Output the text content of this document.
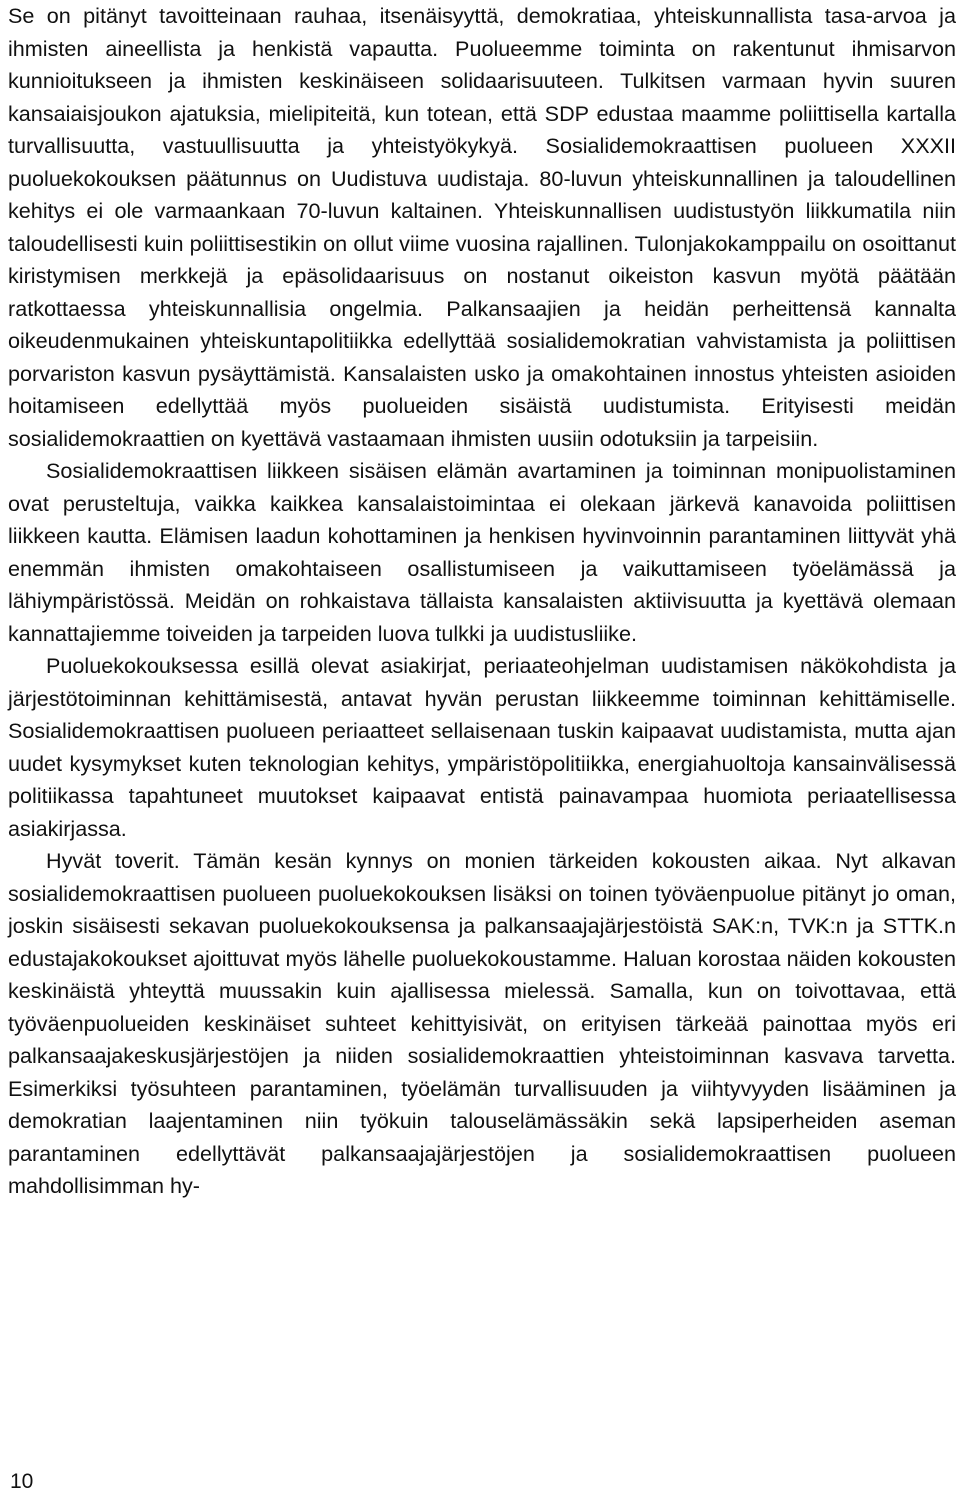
Se on pitänyt tavoitteinaan rauhaa, itsenäisyyttä, demokratiaa, yhteiskunnallista tasa-arvoa ja ihmisten aineellista ja henkistä vapautta. Puolueemme toiminta on rakentunut ihmisarvon kunnioitukseen ja ihmisten keskinäiseen solidaarisuuteen. Tulkitsen varmaan hyvin suuren kansaiaisjoukon ajatuksia, mielipiteitä, kun totean, että SDP edustaa maamme poliittisella kartalla turvallisuutta, vastuullisuutta ja yhteistyökykyä. Sosialidemokraattisen puolueen XXXII puoluekokouksen päätunnus on Uudistuva uudistaja. 80-luvun yhteiskunnallinen ja taloudellinen kehitys ei ole varmaankaan 70-luvun kaltainen. Yhteiskunnallisen uudistustyön liikkumatila niin taloudellisesti kuin poliittisestikin on ollut viime vuosina rajallinen. Tulonjakokamppailu on osoittanut kiristymisen merkkejä ja epäsolidaarisuus on nostanut oikeiston kasvun myötä päätään ratkottaessa yhteiskunnallisia ongelmia. Palkansaajien ja heidän perheittensä kannalta oikeudenmukainen yhteiskuntapolitiikka edellyttää sosialidemokratian vahvistamista ja poliittisen porvariston kasvun pysäyttämistä. Kansalaisten usko ja omakohtainen innostus yhteisten asioiden hoitamiseen edellyttää myös puolueiden sisäistä uudistumista. Erityisesti meidän sosialidemokraattien on kyettävä vastaamaan ihmisten uusiin odotuksiin ja tarpeisiin.

Sosialidemokraattisen liikkeen sisäisen elämän avartaminen ja toiminnan monipuolistaminen ovat perusteltuja, vaikka kaikkea kansalaistoimintaa ei olekaan järkevä kanavoida poliittisen liikkeen kautta. Elämisen laadun kohottaminen ja henkisen hyvinvoinnin parantaminen liittyvät yhä enemmän ihmisten omakohtaiseen osallistumiseen ja vaikuttamiseen työelämässä ja lähiympäristössä. Meidän on rohkaistava tällaista kansalaisten aktiivisuutta ja kyettävä olemaan kannattajiemme toiveiden ja tarpeiden luova tulkki ja uudistusliike.

Puoluekokouksessa esillä olevat asiakirjat, periaateohjelman uudistamisen näkökohdista ja järjestötoiminnan kehittämisestä, antavat hyvän perustan liikkeemme toiminnan kehittämiselle. Sosialidemokraattisen puolueen periaatteet sellaisenaan tuskin kaipaavat uudistamista, mutta ajan uudet kysymykset kuten teknologian kehitys, ympäristöpolitiikka, energiahuoltoja kansainvälisessä politiikassa tapahtuneet muutokset kaipaavat entistä painavampaa huomiota periaatellisessa asiakirjassa.

Hyvät toverit. Tämän kesän kynnys on monien tärkeiden kokousten aikaa. Nyt alkavan sosialidemokraattisen puolueen puoluekokouksen lisäksi on toinen työväenpuolue pitänyt jo oman, joskin sisäisesti sekavan puoluekokouksensa ja palkansaajajärjestöistä SAK:n, TVK:n ja STTK.n edustajakokoukset ajoittuvat myös lähelle puoluekokoustamme. Haluan korostaa näiden kokousten keskinäistä yhteyttä muussakin kuin ajallisessa mielessä. Samalla, kun on toivottavaa, että työväenpuolueiden keskinäiset suhteet kehittyisivät, on erityisen tärkeää painottaa myös eri palkansaajakeskusjärjestöjen ja niiden sosialidemokraattien yhteistoiminnan kasvava tarvetta. Esimerkiksi työsuhteen parantaminen, työelämän turvallisuuden ja viihtyvyyden lisääminen ja demokratian laajentaminen niin työkuin talouselämässäkin sekä lapsiperheiden aseman parantaminen edellyttävät palkansaajajärjestöjen ja sosialidemokraattisen puolueen mahdollisimman hy-

10
